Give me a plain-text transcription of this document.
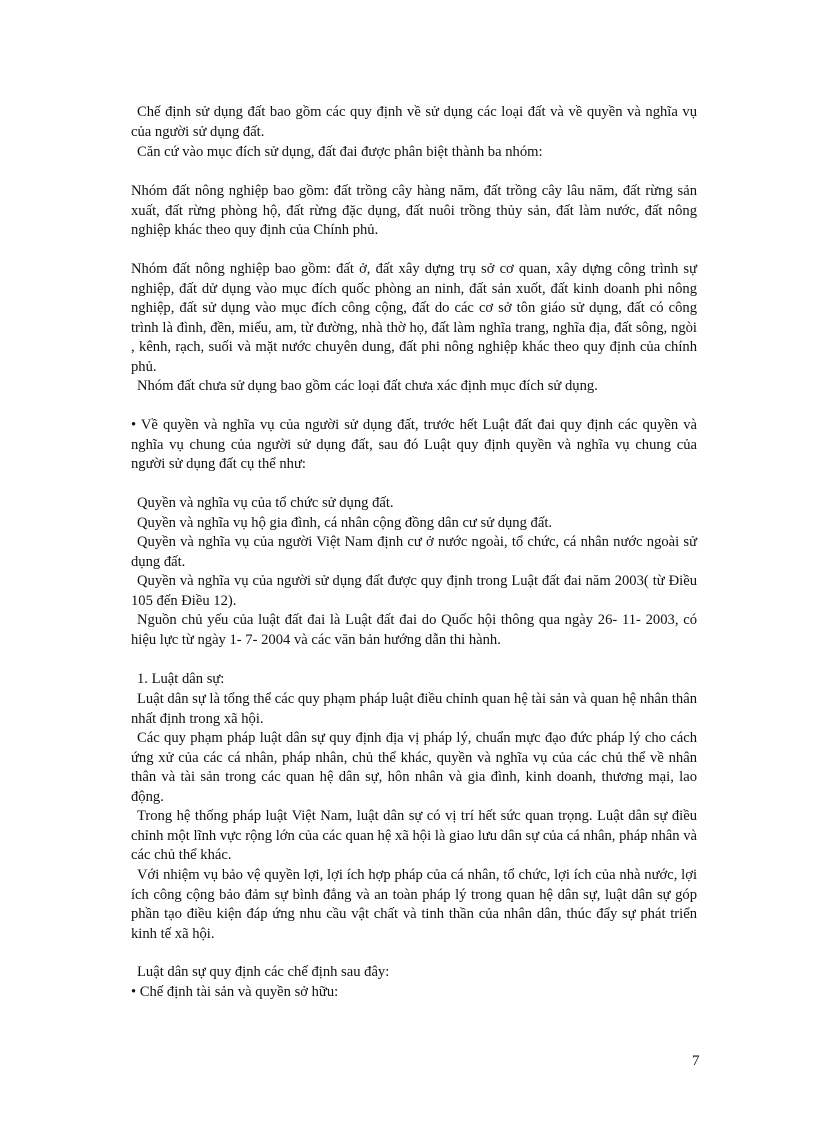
Chế định sử dụng đất bao gồm các quy định về sử dụng các loại đất và về quyền và nghĩa vụ của người sử dụng đất.

Căn cứ vào mục đích sử dụng, đất đai được phân biệt thành ba nhóm:

Nhóm đất nông nghiệp bao gồm: đất trồng cây hàng năm, đất trồng cây lâu năm, đất rừng sản xuất, đất rừng phòng hộ, đất rừng đặc dụng, đất nuôi trồng thủy sản, đất làm nước, đất nông nghiệp khác theo quy định của Chính phủ.

Nhóm đất nông nghiệp bao gồm: đất ở, đất xây dựng trụ sở cơ quan, xây dựng công trình sự nghiệp, đất dử dụng vào mục đích quốc phòng an ninh, đất sản xuốt, đất kinh doanh phi nông nghiệp, đất sử dụng vào mục đích công cộng, đất do các cơ sở tôn giáo sử dụng, đất có công trình là đình, đền, miếu, am, từ đường, nhà thờ họ, đất làm nghĩa trang, nghĩa địa, đất sông, ngòi , kênh, rạch, suối và mặt nước chuyên dung, đất phi nông nghiệp khác theo quy định của chính phủ.

Nhóm đất chưa sử dụng bao gồm các loại đất chưa xác định mục đích sử dụng.

• Về quyền và nghĩa vụ của người sử dụng đất, trước hết Luật đất đai quy định các quyền và nghĩa vụ chung của người sử dụng đất, sau đó Luật quy định quyền và nghĩa vụ chung của người sử dụng đất cụ thể như:

Quyền và nghĩa vụ của tổ chức sử dụng đất.

Quyền và nghĩa vụ hộ gia đình, cá nhân cộng đồng dân cư sử dụng đất.

Quyền và nghĩa vụ của người Việt Nam định cư ở nước ngoài, tổ chức, cá nhân nước ngoài sử dụng đất.

Quyền và nghĩa vụ của người sử dụng đất được quy định trong Luật đất đai năm 2003( từ Điều 105 đến Điều 12).

Nguồn chủ yếu của luật đất đai là Luật đất đai do Quốc hội thông qua ngày 26- 11- 2003, có hiệu lực từ ngày 1- 7- 2004 và các văn bản hướng dẫn thi hành.

1. Luật dân sự:

Luật dân sự là tổng thể các quy phạm pháp luật điều chỉnh quan hệ tài sản và quan hệ nhân thân nhất định trong xã hội.

Các quy phạm pháp luật dân sự quy định địa vị pháp lý, chuẩn mực đạo đức pháp lý cho cách ứng xử của các cá nhân, pháp nhân, chủ thể khác, quyền và nghĩa vụ của các chủ thể về nhân thân và tài sản trong các quan hệ dân sự, hôn nhân và gia đình, kinh doanh, thương mại, lao động.

Trong hệ thống pháp luật Việt Nam, luật dân sự có vị trí hết sức quan trọng. Luật dân sự điều chỉnh một lĩnh vực rộng lớn của các quan hệ xã hội là giao lưu dân sự của cá nhân, pháp nhân và các chủ thể khác.

Với nhiệm vụ bảo vệ quyền lợi, lợi ích hợp pháp của cá nhân, tổ chức, lợi ích của nhà nước, lợi ích công cộng bảo đảm sự bình đẳng và an toàn pháp lý trong quan hệ dân sự, luật dân sự góp phần tạo điều kiện đáp ứng nhu cầu vật chất và tinh thần của nhân dân, thúc đẩy sự phát triển kinh tế xã hội.

Luật dân sự quy định các chế định sau đây:

• Chế định tài sản và quyền sở hữu:

7
